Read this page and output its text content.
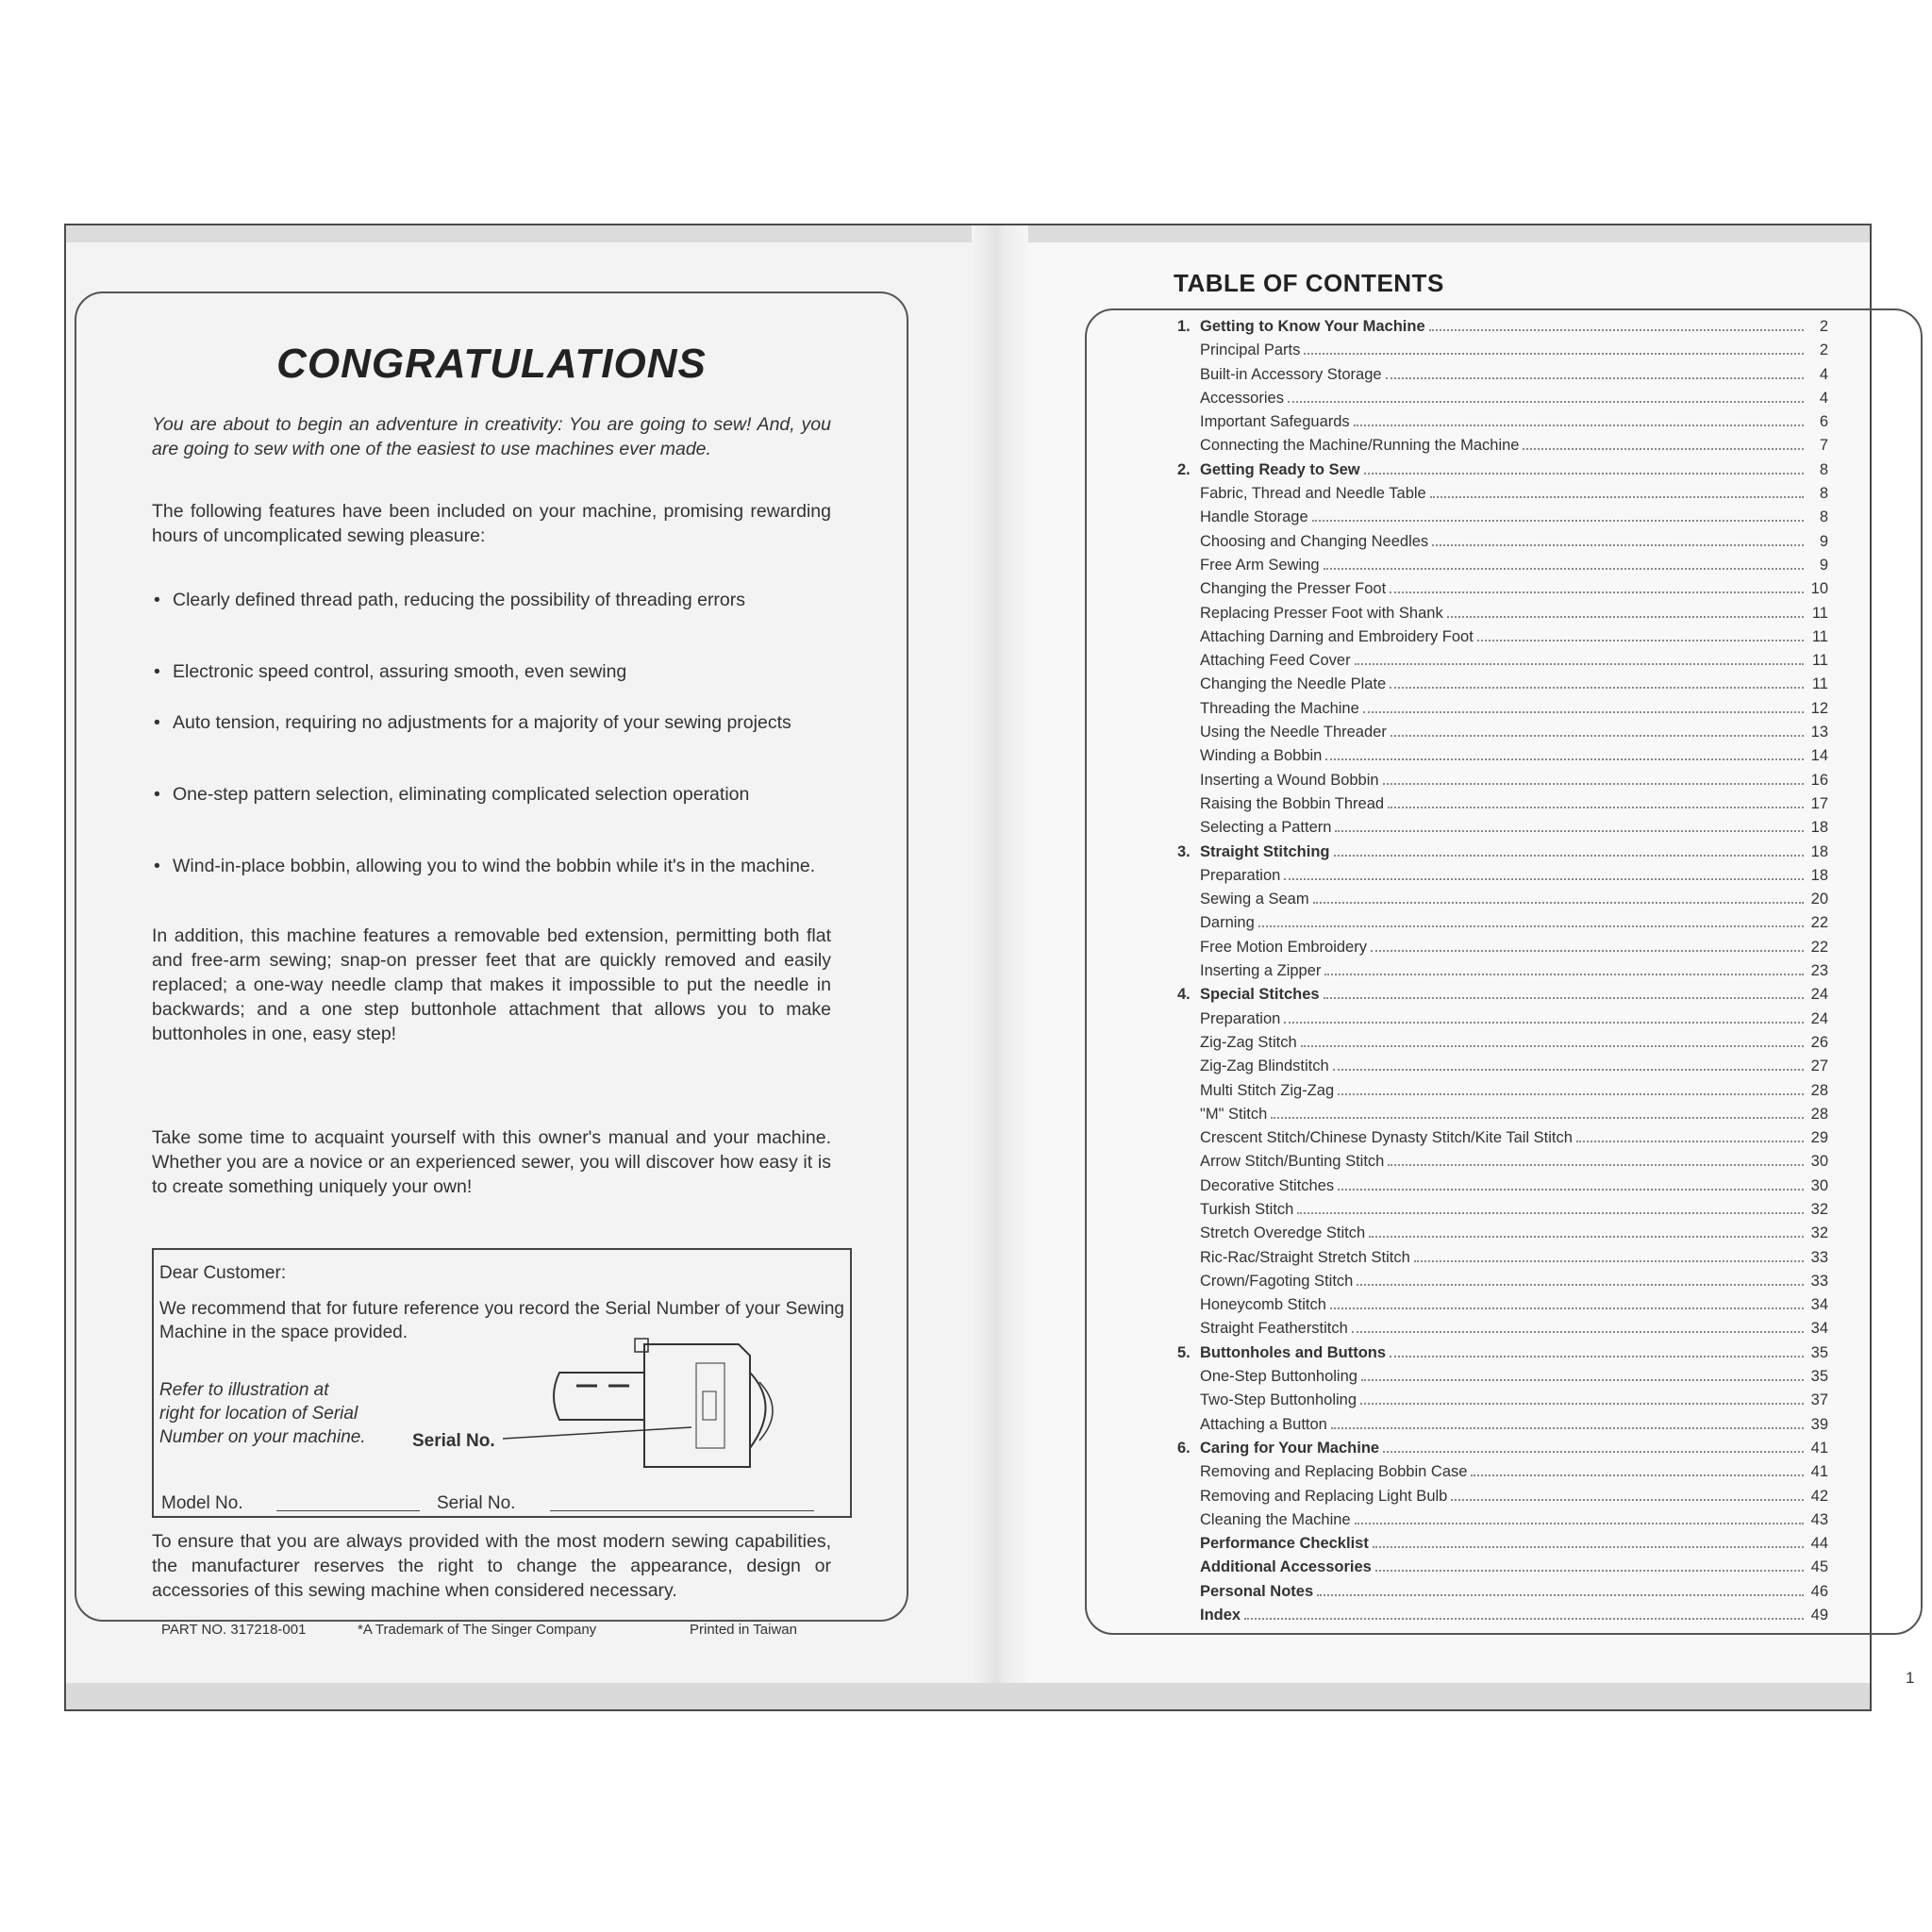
CONGRATULATIONS
You are about to begin an adventure in creativity: You are going to sew! And, you are going to sew with one of the easiest to use machines ever made.
The following features have been included on your machine, promising rewarding hours of uncomplicated sewing pleasure:
• Clearly defined thread path, reducing the possibility of threading errors
• Electronic speed control, assuring smooth, even sewing
• Auto tension, requiring no adjustments for a majority of your sewing projects
• One-step pattern selection, eliminating complicated selection operation
• Wind-in-place bobbin, allowing you to wind the bobbin while it's in the machine.
In addition, this machine features a removable bed extension, permitting both flat and free-arm sewing; snap-on presser feet that are quickly removed and easily replaced; a one-way needle clamp that makes it impossible to put the needle in backwards; and a one step buttonhole attachment that allows you to make buttonholes in one, easy step!
Take some time to acquaint yourself with this owner's manual and your machine. Whether you are a novice or an experienced sewer, you will discover how easy it is to create something uniquely your own!
Dear Customer:
We recommend that for future reference you record the Serial Number of your Sewing Machine in the space provided.
Refer to illustration at right for location of Serial Number on your machine.	Serial No.
Model No.	Serial No.
To ensure that you are always provided with the most modern sewing capabilities, the manufacturer reserves the right to change the appearance, design or accessories of this sewing machine when considered necessary.
PART NO. 317218-001	*A Trademark of The Singer Company	Printed in Taiwan
TABLE OF CONTENTS
1. Getting to Know Your Machine	2
Principal Parts	2
Built-in Accessory Storage	4
Accessories	4
Important Safeguards	6
Connecting the Machine/Running the Machine	7
2. Getting Ready to Sew	8
Fabric, Thread and Needle Table	8
Handle Storage	8
Choosing and Changing Needles	9
Free Arm Sewing	9
Changing the Presser Foot	10
Replacing Presser Foot with Shank	11
Attaching Darning and Embroidery Foot	11
Attaching Feed Cover	11
Changing the Needle Plate	11
Threading the Machine	12
Using the Needle Threader	13
Winding a Bobbin	14
Inserting a Wound Bobbin	16
Raising the Bobbin Thread	17
Selecting a Pattern	18
3. Straight Stitching	18
Preparation	18
Sewing a Seam	20
Darning	22
Free Motion Embroidery	22
Inserting a Zipper	23
4. Special Stitches	24
Preparation	24
Zig-Zag Stitch	26
Zig-Zag Blindstitch	27
Multi Stitch Zig-Zag	28
"M" Stitch	28
Crescent Stitch/Chinese Dynasty Stitch/Kite Tail Stitch	29
Arrow Stitch/Bunting Stitch	30
Decorative Stitches	30
Turkish Stitch	32
Stretch Overedge Stitch	32
Ric-Rac/Straight Stretch Stitch	33
Crown/Fagoting Stitch	33
Honeycomb Stitch	34
Straight Featherstitch	34
5. Buttonholes and Buttons	35
One-Step Buttonholing	35
Two-Step Buttonholing	37
Attaching a Button	39
6. Caring for Your Machine	41
Removing and Replacing Bobbin Case	41
Removing and Replacing Light Bulb	42
Cleaning the Machine	43
Performance Checklist	44
Additional Accessories	45
Personal Notes	46
Index	49
1
